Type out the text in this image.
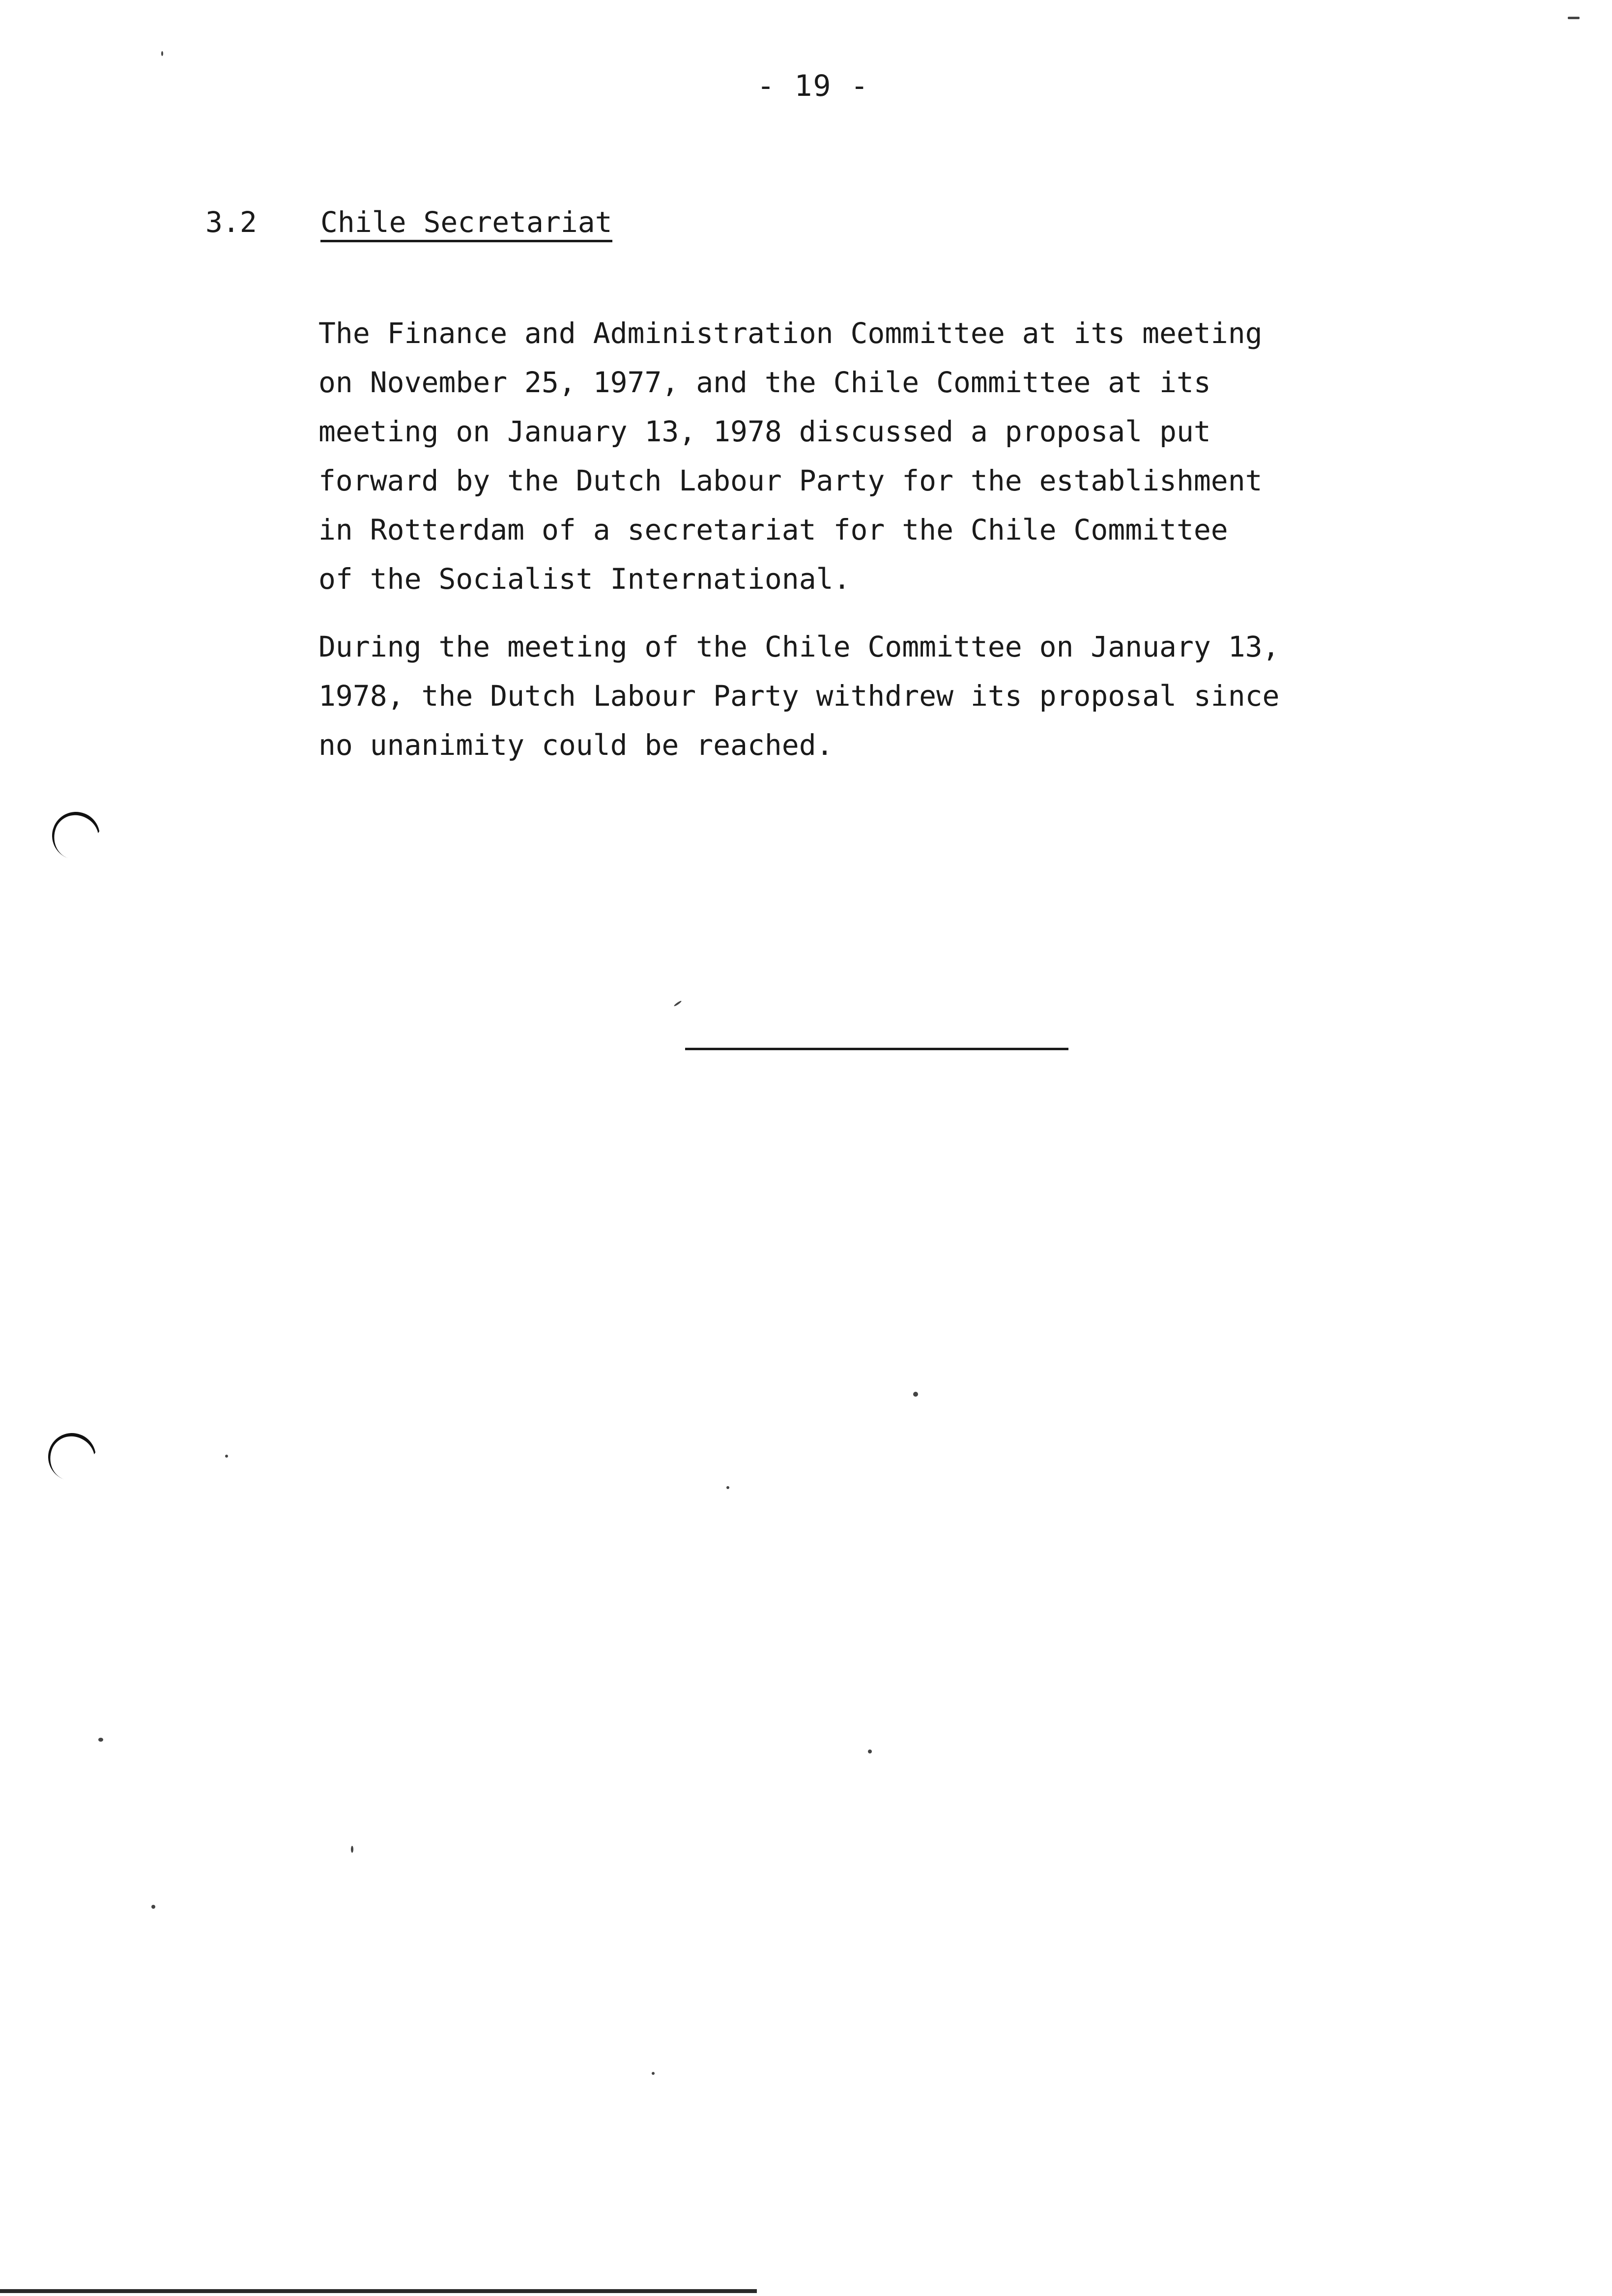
- 19 -
3.2 Chile Secretariat
The Finance and Administration Committee at its meeting
on November 25, 1977, and the Chile Committee at its
meeting on January 13, 1978 discussed a proposal put
forward by the Dutch Labour Party for the establishment
in Rotterdam of a secretariat for the Chile Committee
of the Socialist International.
During the meeting of the Chile Committee on January 13,
1978, the Dutch Labour Party withdrew its proposal since
no unanimity could be reached.
